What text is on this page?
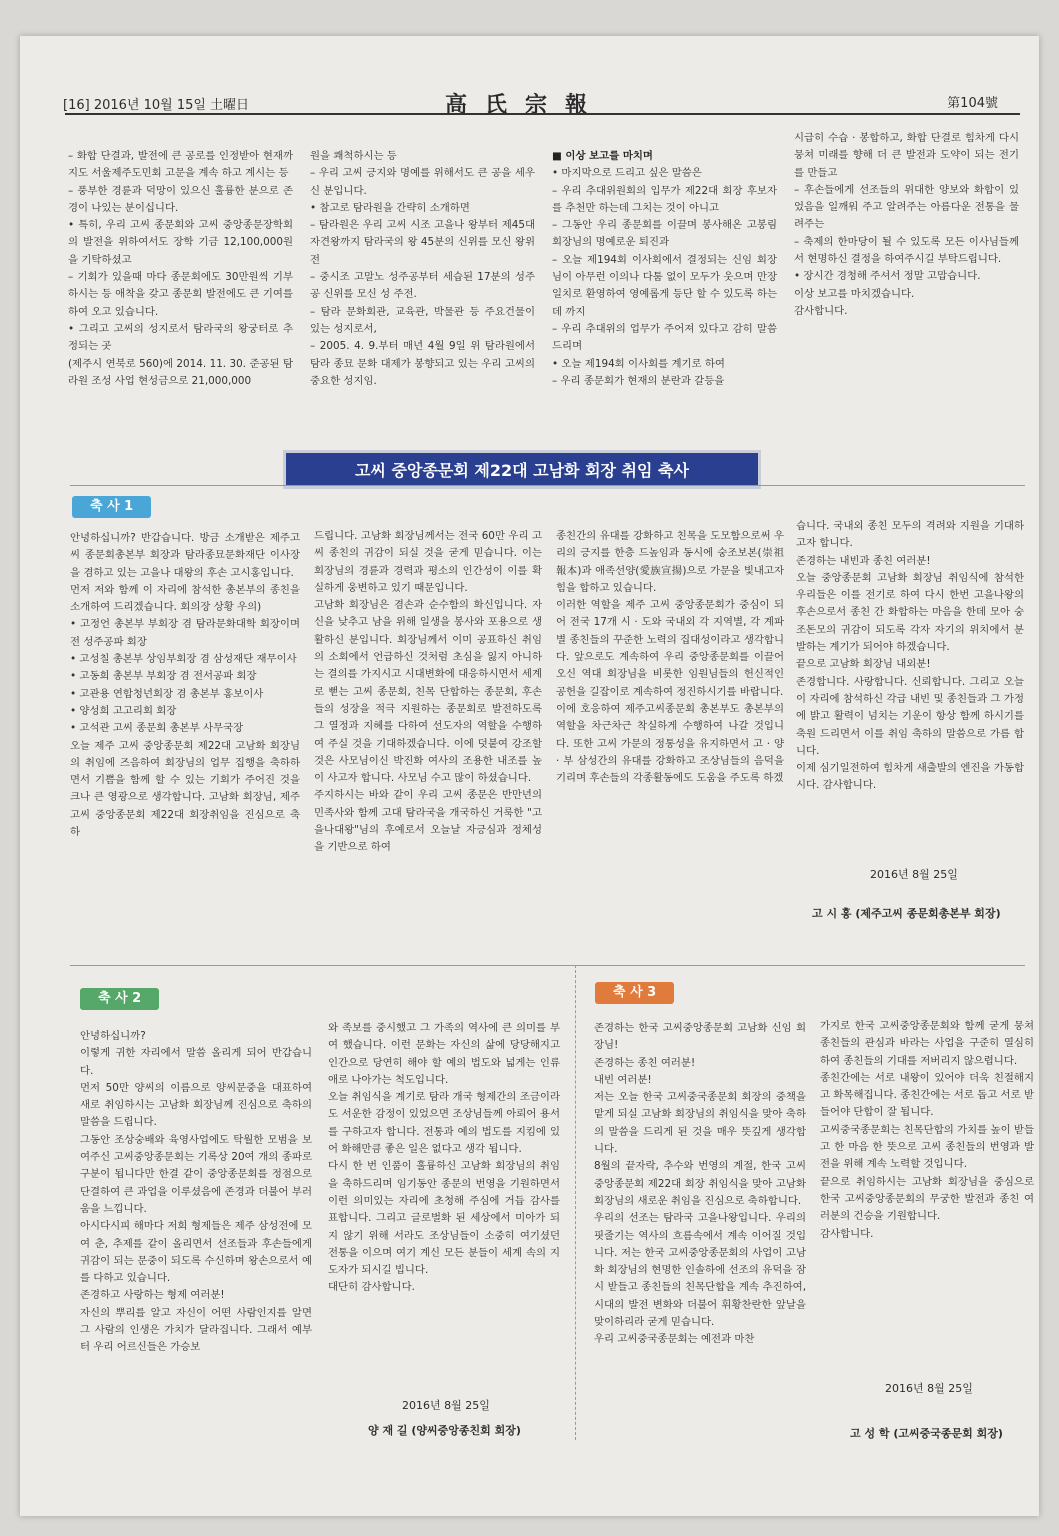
[16] 2016년 10월 15일 土曜日	高氏宗報	第104號

– 화합 단결과, 발전에 큰 공로를 인정받아 현재까지도 서울제주도민회 고문을 계속 하고 계시는 등

– 풍부한 경륜과 덕망이 있으신 훌륭한 분으로 존경이 나있는 분이십니다.

• 특히, 우리 고씨 종문회와 고씨 중앙종문장학회의 발전을 위하여서도 장학 기금 12,100,000원을 기탁하셨고

– 기회가 있을때 마다 종문회에도 30만원씩 기부하시는 등 애착을 갖고 종문회 발전에도 큰 기여를 하여 오고 있습니다.

• 그리고 고씨의 성지로서 탐라국의 왕궁터로 추정되는 곳

(제주시 연북로 560)에 2014. 11. 30. 준공된 탐라원 조성 사업 현성금으로 21,000,000

원을 쾌척하시는 등

– 우리 고씨 긍지와 명예를 위해서도 큰 공을 세우신 분입니다.

• 참고로 탐라원을 간략히 소개하면

– 탐라원은 우리 고씨 시조 고을나 왕부터 제45대 자견왕까지 탐라국의 왕 45분의 신위를 모신 왕위전

– 중시조 고말노 성주공부터 세습된 17분의 성주공 신위를 모신 성 주전.

– 탐라 문화회관, 교육관, 박물관 등 주요건물이 있는 성지로서,

– 2005. 4. 9.부터 매년 4월 9일 위 탐라원에서 탐라 종묘 문화 대제가 봉향되고 있는 우리 고씨의 중요한 성지임.

■ 이상 보고를 마치며

• 마지막으로 드리고 싶은 말씀은

– 우리 추대위원회의 입무가 제22대 회장 후보자를 추천만 하는데 그치는 것이 아니고

– 그동안 우리 종문회를 이끌며 봉사해온 고봉림회장님의 명예로운 퇴진과

– 오늘 제194회 이사회에서 결정되는 신임 회장님이 아무런 이의나 다툼 없이 모두가 웃으며 만장일치로 환영하여 영예롭게 등단 할 수 있도록 하는데 까지

– 우리 추대위의 업무가 주어져 있다고 감히 말씀드리며

• 오늘 제194회 이사회를 계기로 하여

– 우리 종문회가 현재의 분란과 갈등을

시급히 수습 · 봉합하고, 화합 단결로 힘차게 다시 뭉쳐 미래를 향해 더 큰 발전과 도약이 되는 전기를 만들고

– 후손들에게 선조들의 위대한 양보와 화합이 있었음을 일깨워 주고 알려주는 아름다운 전통을 물려주는

– 축제의 한마당이 될 수 있도록 모든 이사님들께서 현명하신 결정을 하여주시길 부탁드립니다.

• 장시간 경청해 주셔서 정말 고맙습니다.

이상 보고를 마치겠습니다.

감사합니다.

고씨 중앙종문회 제22대 고남화 회장 취임 축사
축 사 1

안녕하십니까? 반갑습니다. 방금 소개받은 제주고씨 종문회총본부 회장과 탐라종묘문화재단 이사장을 겸하고 있는 고을나 대왕의 후손 고시홍입니다.

먼저 저와 함께 이 자리에 참석한 총본부의 종친을 소개하여 드리겠습니다. 회의장 상황 우의)

• 고정언 총본부 부회장 겸 탐라문화대학 회장이며 전 성주공파 회장

• 고성칠 총본부 상임부회장 겸 삼성재단 재무이사

• 고동희 총본부 부회장 겸 전서공파 회장

• 고관용 연합청년회장 겸 총본부 홍보이사

• 양성희 고고리회 회장

• 고석관 고씨 종문회 총본부 사무국장

오늘 제주 고씨 중앙종문회 제22대 고남화 회장님의 취임에 즈음하여 회장님의 업무 집행을 축하하면서 기쁨을 함께 할 수 있는 기회가 주어진 것을 크나 큰 영광으로 생각합니다. 고남화 회장님, 제주 고씨 중앙종문회 제22대 회장취임을 진심으로 축하

드립니다. 고남화 회장님께서는 전국 60만 우리 고씨 종친의 귀감이 되실 것을 굳게 믿습니다. 이는 회장님의 경륜과 경력과 평소의 인간성이 이를 확실하게 웅변하고 있기 때문입니다.

고남화 회장님은 겸손과 순수함의 화신입니다. 자신을 낮추고 남을 위해 일생을 봉사와 포용으로 생활하신 분입니다. 회장님께서 이미 공표하신 취임의 소회에서 언급하신 것처럼 초심을 잃지 아니하는 결의를 가지시고 시대변화에 대응하시면서 세계로 뻗는 고씨 종문회, 친목 단합하는 종문회, 후손들의 성장을 적극 지원하는 종문회로 발전하도록 그 열정과 지혜를 다하여 선도자의 역할을 수행하여 주실 것을 기대하겠습니다. 이에 덧붙여 강조할 것은 사모님이신 박진화 여사의 조용한 내조를 높이 사고자 합니다. 사모님 수고 많이 하셨습니다.

주지하시는 바와 같이 우리 고씨 종문은 반만년의 민족사와 함께 고대 탐라국을 개국하신 거룩한 "고을나대왕"님의 후예로서 오늘날 자긍심과 정체성을 기반으로 하여

종친간의 유대를 강화하고 친목을 도모함으로써 우리의 긍지를 한층 드높임과 동시에 숭조보본(崇祖報本)과 애족선양(愛族宣揚)으로 가문을 빛내고자 힘을 합하고 있습니다.

이러한 역할을 제주 고씨 중앙종문회가 중심이 되어 전국 17개 시 · 도와 국내외 각 지역별, 각 계파별 종친들의 꾸준한 노력의 집대성이라고 생각합니다. 앞으로도 계속하여 우리 중앙종문회를 이끌어 오신 역대 회장님을 비롯한 임원님들의 헌신적인 공헌을 길잡이로 계속하여 정진하시기를 바랍니다.

이에 호응하여 제주고씨종문회 총본부도 총본부의 역할을 차근차근 착실하게 수행하여 나갈 것입니다. 또한 고씨 가문의 정통성을 유지하면서 고 · 양 · 부 삼성간의 유대를 강화하고 조상님들의 음덕을 기리며 후손들의 각종활동에도 도움을 주도록 하겠

습니다. 국내외 종친 모두의 격려와 지원을 기대하고자 합니다.

존경하는 내빈과 종친 여러분!

오늘 중앙종문회 고남화 회장님 취임식에 참석한 우리들은 이를 전기로 하여 다시 한번 고을나왕의 후손으로서 종친 간 화합하는 마음을 한데 모아 숭조돈모의 귀감이 되도록 각자 자기의 위치에서 분발하는 계기가 되어야 하겠습니다.

끝으로 고남화 회장님 내외분!

존경합니다. 사랑합니다. 신뢰합니다. 그리고 오늘 이 자리에 참석하신 각급 내빈 및 종친들과 그 가정에 밝고 활력이 넘치는 기운이 항상 함께 하시기를 축원 드리면서 이를 취임 축하의 말씀으로 가름 합니다.

이제 심기일전하여 힘차게 새출발의 엔진을 가동합시다. 감사합니다.

2016년 8월 25일
고 시 홍 (제주고씨 종문회총본부 회장)
축 사 2

안녕하십니까?

이렇게 귀한 자리에서 말씀 올리게 되어 반갑습니다.

먼저 50만 양씨의 이름으로 양씨문중을 대표하여 새로 취임하시는 고남화 회장님께 진심으로 축하의 말씀을 드립니다.

그동안 조상숭배와 육영사업에도 탁월한 모범을 보여주신 고씨중앙종문회는 기록상 20여 개의 종파로 구분이 됩니다만 한결 같이 중앙종문회를 정점으로 단결하여 큰 과업을 이루셨음에 존경과 더불어 부러움을 느낍니다.

아시다시피 해마다 저희 형제들은 제주 삼성전에 모여 춘, 추제를 같이 올리면서 선조들과 후손들에게 귀감이 되는 문중이 되도록 수신하며 왕손으로서 예를 다하고 있습니다.

존경하고 사랑하는 형제 여러분!

자신의 뿌리를 알고 자신이 어떤 사람인지를 알면 그 사람의 인생은 가치가 달라집니다. 그래서 예부터 우리 어르신들은 가승보

와 족보를 중시했고 그 가족의 역사에 큰 의미를 부여 했습니다. 이런 문화는 자신의 삶에 당당해지고 인간으로 당연히 해야 할 예의 법도와 넓게는 인류애로 나아가는 척도입니다.

오늘 취임식을 계기로 탐라 개국 형제간의 조금이라도 서운한 감정이 있었으면 조상님들께 아뢰어 용서를 구하고자 합니다. 전통과 예의 법도를 지킴에 있어 화해만큼 좋은 일은 없다고 생각 됩니다.

다시 한 번 인품이 훌륭하신 고남화 회장님의 취임을 축하드리며 임기동안 종문의 번영을 기원하면서 이런 의미있는 자리에 초청해 주심에 거듭 감사를 표합니다. 그리고 글로벌화 된 세상에서 미아가 되지 않기 위해 서라도 조상님들이 소중히 여기셨던 전통을 이으며 여기 계신 모든 분들이 세계 속의 지도자가 되시길 빕니다.

대단히 감사합니다.

2016년 8월 25일
양 재 길 (양씨중앙종친회 회장)
축 사 3

존경하는 한국 고씨중앙종문회 고남화 신임 회장님!

존경하는 종친 여러분!

내빈 여러분!

저는 오늘 한국 고씨중국종문회 회장의 중책을 맡게 되실 고남화 회장님의 취임식을 맞아 축하의 말씀을 드리게 된 것을 매우 뜻깊게 생각합니다.

8월의 끝자락, 추수와 번영의 계절, 한국 고씨중앙종문회 제22대 회장 취임식을 맞아 고남화 회장님의 새로운 취임을 진심으로 축하합니다.

우리의 선조는 탐라국 고을나왕입니다. 우리의 핏줄기는 역사의 흐름속에서 계속 이어질 것입니다. 저는 한국 고씨중앙종문회의 사업이 고남화 회장님의 현명한 인솔하에 선조의 유덕을 잠시 받들고 종친들의 친목단합을 계속 추진하여, 시대의 발전 변화와 더불어 휘황찬란한 앞날을 맞이하리라 굳게 믿습니다.

우리 고씨중국종문회는 예전과 마찬

가지로 한국 고씨중앙종문회와 함께 굳게 뭉쳐 종친들의 관심과 바라는 사업을 구준히 열심히 하여 종친들의 기대를 저버리지 않으렵니다.

종친간에는 서로 내왕이 있어야 더욱 친절해지고 화목해집니다. 종친간에는 서로 돕고 서로 받들어야 단합이 잘 됩니다.

고씨중국종문회는 친목단합의 가치를 높이 받들고 한 마음 한 뜻으로 고씨 종친들의 번영과 발전을 위해 계속 노력할 것입니다.

끝으로 취임하시는 고남화 회장님을 중심으로 한국 고씨중앙종문회의 무궁한 발전과 종친 여러분의 건승을 기원합니다.

감사합니다.

2016년 8월 25일
고 성 학 (고씨중국종문회 회장)
